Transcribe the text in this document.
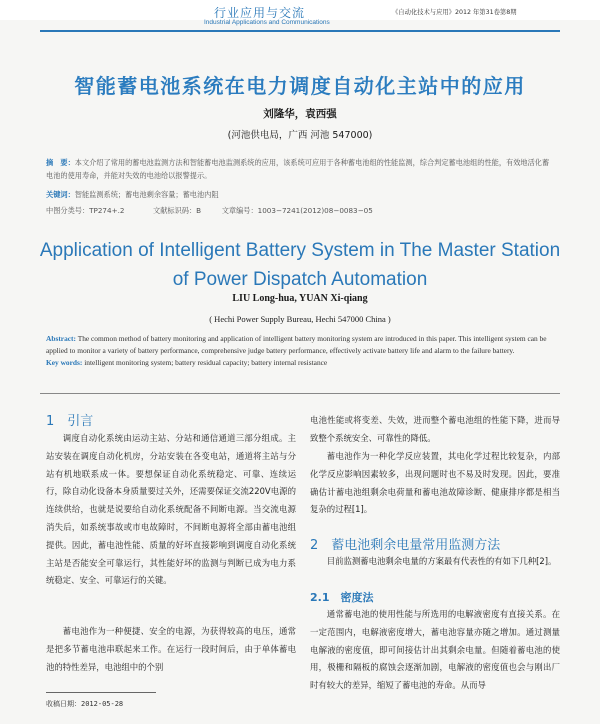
行业应用与交流
Industrial Applications and Communications
《自动化技术与应用》2012 年第31卷第8期
智能蓄电池系统在电力调度自动化主站中的应用
刘隆华，袁西强
(河池供电局，广西 河池 547000)
摘　要：本文介绍了常用的蓄电池监测方法和智能蓄电池监测系统的应用，该系统可应用于各种蓄电池组的性能监测，综合判定蓄电池组的性能，有效地活化蓄电池的使用寿命，并能对失效的电池给以报警提示。
关键词：智能监测系统；蓄电池剩余容量；蓄电池内阻
中图分类号：TP274+.2	文献标识码：B	文章编号：1003−7241(2012)08−0083−05
Application of Intelligent Battery System in The Master Station of Power Dispatch Automation
LIU Long-hua, YUAN Xi-qiang
( Hechi Power Supply Bureau, Hechi 547000 China )
Abstract: The common method of battery monitoring and application of intelligent battery monitoring system are introduced in this paper. This intelligent system can be applied to monitor a variety of battery performance, comprehensive judge battery performance, effectively activate battery life and alarm to the failure battery.
Key words: intelligent monitoring system; battery residual capacity; battery internal resistance
1　引言
调度自动化系统由运动主站、分站和通信通道三部分组成。主站安装在调度自动化机房，分站安装在各变电站，通道将主站与分站有机地联系成一体。要想保证自动化系统稳定、可靠、连续运行，除自动化设备本身质量要过关外，还需要保证交流220V电源的连续供给，也就是说要给自动化系统配备不间断电源。当交流电源消失后，如系统事故或市电故障时，不间断电源将全部由蓄电池组提供。因此，蓄电池性能、质量的好坏直接影响到调度自动化系统主站是否能安全可靠运行，其性能好坏的监测与判断已成为电力系统稳定、安全、可靠运行的关键。
蓄电池作为一种便捷、安全的电源，为获得较高的电压，通常是把多节蓄电池串联起来工作。在运行一段时间后，由于单体蓄电池的特性差异，电池组中的个别
收稿日期：2012-05-28
电池性能或将变差、失效，进而整个蓄电池组的性能下降，进而导致整个系统安全、可靠性的降低。
蓄电池作为一种化学反应装置，其电化学过程比较复杂，内部化学反应影响因素较多，出现问题时也不易及时发现。因此，要准确估计蓄电池组剩余电荷量和蓄电池故障诊断、健康排序都是相当复杂的过程[1]。
2　蓄电池剩余电量常用监测方法
目前监测蓄电池剩余电量的方案最有代表性的有如下几种[2]。
2.1　密度法
通常蓄电池的使用性能与所选用的电解液密度有直接关系。在一定范围内，电解液密度增大，蓄电池容量亦随之增加。通过测量电解液的密度值，即可间接估计出其剩余电量。但随着蓄电池的使用，极栅和隔板的腐蚀会逐渐加剧，电解液的密度值也会与刚出厂时有较大的差异，缩短了蓄电池的寿命。从而导
